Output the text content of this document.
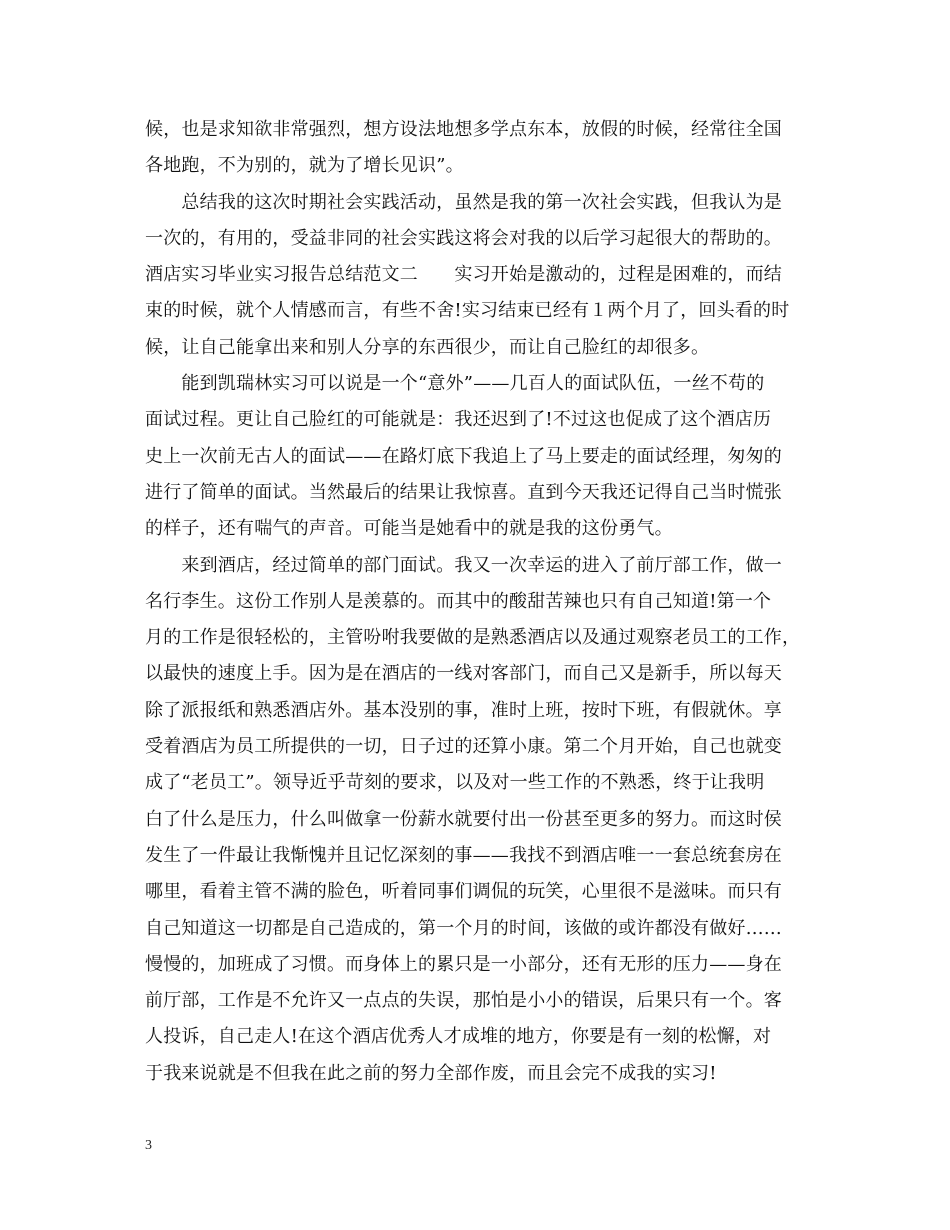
候，也是求知欲非常强烈，想方设法地想多学点东本，放假的时候，经常往全国
各地跑，不为别的，就为了增长见识”。
　　总结我的这次时期社会实践活动，虽然是我的第一次社会实践，但我认为是
一次的，有用的，受益非同的社会实践这将会对我的以后学习起很大的帮助的。
酒店实习毕业实习报告总结范文二　　实习开始是激动的，过程是困难的，而结
束的时候，就个人情感而言，有些不舍!实习结束已经有１两个月了，回头看的时
候，让自己能拿出来和别人分享的东西很少，而让自己脸红的却很多。
　　能到凯瑞林实习可以说是一个“意外”——几百人的面试队伍，一丝不苟的
面试过程。更让自己脸红的可能就是：我还迟到了!不过这也促成了这个酒店历
史上一次前无古人的面试——在路灯底下我追上了马上要走的面试经理，匆匆的
进行了简单的面试。当然最后的结果让我惊喜。直到今天我还记得自己当时慌张
的样子，还有喘气的声音。可能当是她看中的就是我的这份勇气。
　　来到酒店，经过简单的部门面试。我又一次幸运的进入了前厅部工作，做一
名行李生。这份工作别人是羡慕的。而其中的酸甜苦辣也只有自己知道!第一个
月的工作是很轻松的，主管吩咐我要做的是熟悉酒店以及通过观察老员工的工作，
以最快的速度上手。因为是在酒店的一线对客部门，而自己又是新手，所以每天
除了派报纸和熟悉酒店外。基本没别的事，准时上班，按时下班，有假就休。享
受着酒店为员工所提供的一切，日子过的还算小康。第二个月开始，自己也就变
成了“老员工”。领导近乎苛刻的要求，以及对一些工作的不熟悉，终于让我明
白了什么是压力，什么叫做拿一份薪水就要付出一份甚至更多的努力。而这时侯
发生了一件最让我惭愧并且记忆深刻的事——我找不到酒店唯一一套总统套房在
哪里，看着主管不满的脸色，听着同事们调侃的玩笑，心里很不是滋味。而只有
自己知道这一切都是自己造成的，第一个月的时间，该做的或许都没有做好……
慢慢的，加班成了习惯。而身体上的累只是一小部分，还有无形的压力——身在
前厅部，工作是不允许又一点点的失误，那怕是小小的错误，后果只有一个。客
人投诉，自己走人!在这个酒店优秀人才成堆的地方，你要是有一刻的松懈，对
于我来说就是不但我在此之前的努力全部作废，而且会完不成我的实习!
3
